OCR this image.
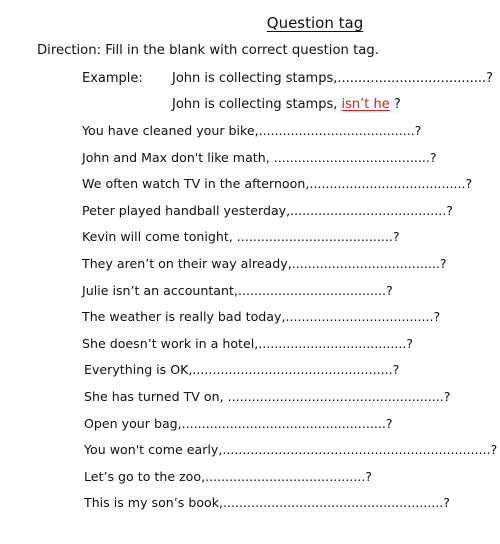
Question tag
Direction: Fill in the blank with correct question tag.
Example: John is collecting stamps,....................................?
John is collecting stamps, isn’t he ?
You have cleaned your bike,.......................................?
John and Max don't like math, .......................................?
We often watch TV in the afternoon,.......................................?
Peter played handball yesterday,.......................................?
Kevin will come tonight, .......................................?
They aren’t on their way already,.....................................?
Julie isn’t an accountant,.....................................?
The weather is really bad today,.....................................?
She doesn’t work in a hotel,.....................................?
Everything is OK,..................................................?
She has turned TV on, ......................................................?
Open your bag,...................................................?
You won't come early,...................................................................?
Let’s go to the zoo,........................................?
This is my son’s book,.......................................................?
